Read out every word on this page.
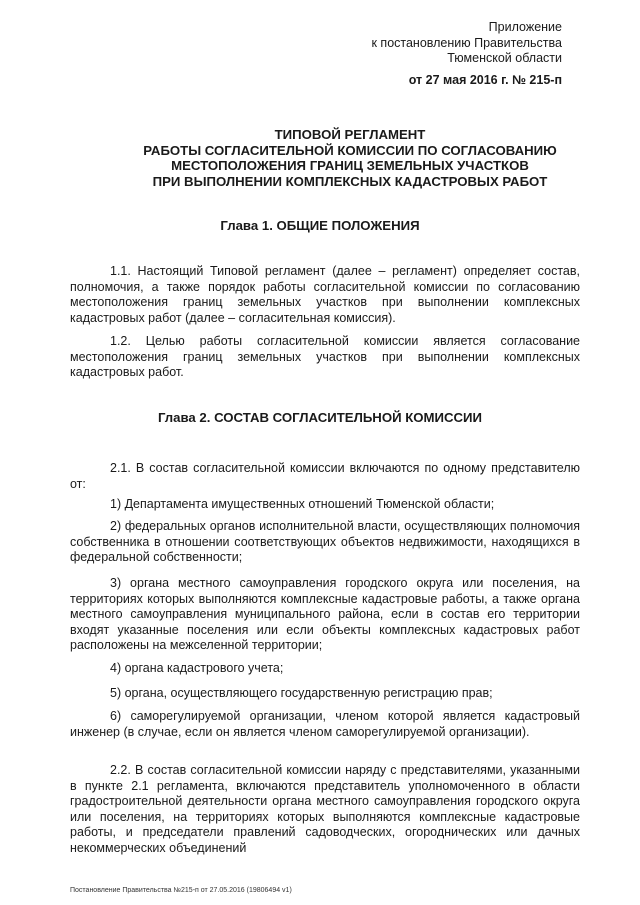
Приложение
к постановлению Правительства
Тюменской области
от 27 мая 2016 г. № 215-п
ТИПОВОЙ РЕГЛАМЕНТ
РАБОТЫ СОГЛАСИТЕЛЬНОЙ КОМИССИИ ПО СОГЛАСОВАНИЮ
МЕСТОПОЛОЖЕНИЯ ГРАНИЦ ЗЕМЕЛЬНЫХ УЧАСТКОВ
ПРИ ВЫПОЛНЕНИИ КОМПЛЕКСНЫХ КАДАСТРОВЫХ РАБОТ
Глава 1. ОБЩИЕ ПОЛОЖЕНИЯ
1.1. Настоящий Типовой регламент (далее – регламент) определяет состав, полномочия, а также порядок работы согласительной комиссии по согласованию местоположения границ земельных участков при выполнении комплексных кадастровых работ (далее – согласительная комиссия).
1.2. Целью работы согласительной комиссии является согласование местоположения границ земельных участков при выполнении комплексных кадастровых работ.
Глава 2. СОСТАВ СОГЛАСИТЕЛЬНОЙ КОМИССИИ
2.1. В состав согласительной комиссии включаются по одному представителю от:
1) Департамента имущественных отношений Тюменской области;
2) федеральных органов исполнительной власти, осуществляющих полномочия собственника в отношении соответствующих объектов недвижимости, находящихся в федеральной собственности;
3) органа местного самоуправления городского округа или поселения, на территориях которых выполняются комплексные кадастровые работы, а также органа местного самоуправления муниципального района, если в состав его территории входят указанные поселения или если объекты комплексных кадастровых работ расположены на межселенной территории;
4) органа кадастрового учета;
5) органа, осуществляющего государственную регистрацию прав;
6) саморегулируемой организации, членом которой является кадастровый инженер (в случае, если он является членом саморегулируемой организации).
2.2. В состав согласительной комиссии наряду с представителями, указанными в пункте 2.1 регламента, включаются представитель уполномоченного в области градостроительной деятельности органа местного самоуправления городского округа или поселения, на территориях которых выполняются комплексные кадастровые работы, и председатели правлений садоводческих, огороднических или дачных некоммерческих объединений
Постановление Правительства №215-п от 27.05.2016 (19806494 v1)
